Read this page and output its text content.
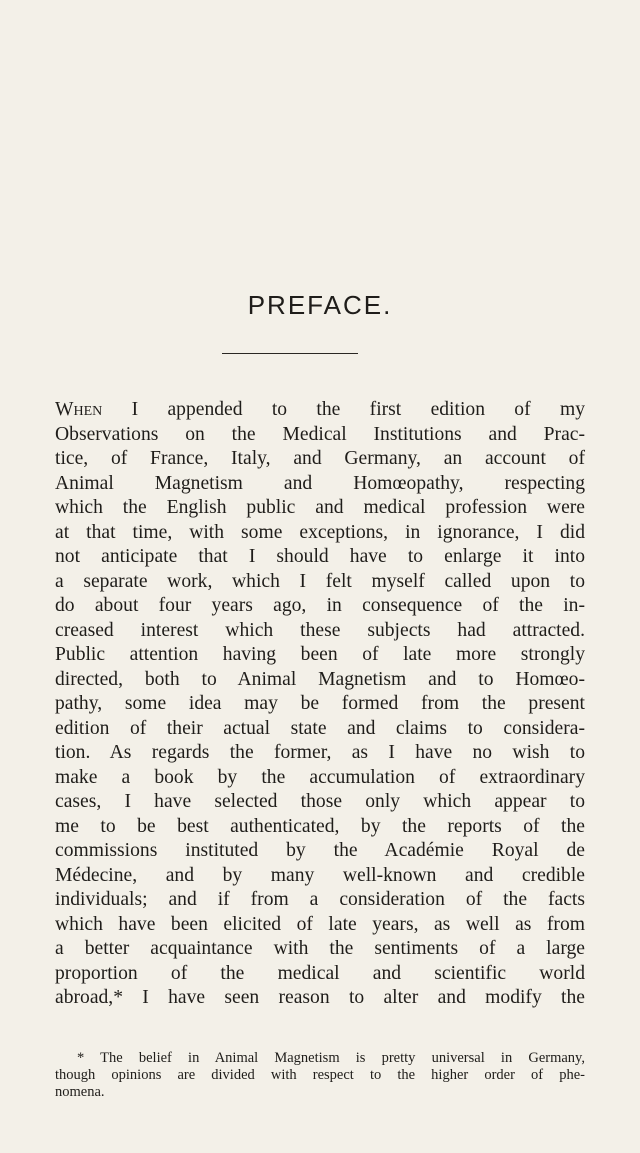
PREFACE.
When I appended to the first edition of my
Observations on the Medical Institutions and Prac-
tice, of France, Italy, and Germany, an account of
Animal Magnetism and Homœopathy, respecting
which the English public and medical profession were
at that time, with some exceptions, in ignorance, I did
not anticipate that I should have to enlarge it into
a separate work, which I felt myself called upon to
do about four years ago, in consequence of the in-
creased interest which these subjects had attracted.
Public attention having been of late more strongly
directed, both to Animal Magnetism and to Homœo-
pathy, some idea may be formed from the present
edition of their actual state and claims to considera-
tion. As regards the former, as I have no wish to
make a book by the accumulation of extraordinary
cases, I have selected those only which appear to
me to be best authenticated, by the reports of the
commissions instituted by the Académie Royal de
Médecine, and by many well-known and credible
individuals; and if from a consideration of the facts
which have been elicited of late years, as well as from
a better acquaintance with the sentiments of a large
proportion of the medical and scientific world
abroad,* I have seen reason to alter and modify the
* The belief in Animal Magnetism is pretty universal in Germany,
though opinions are divided with respect to the higher order of phe-
nomena.
